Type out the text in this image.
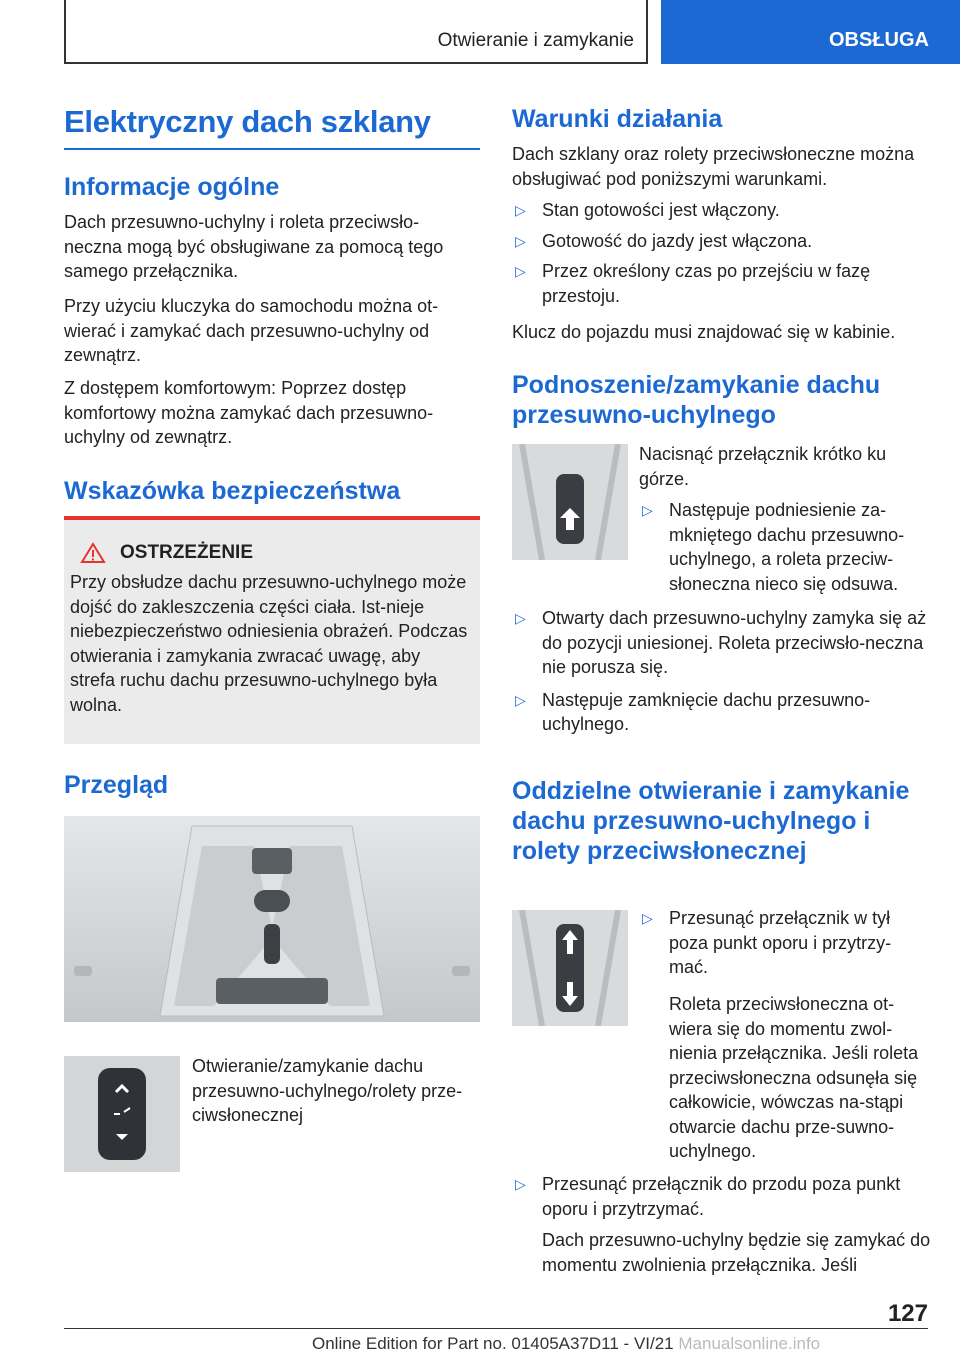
Otwieranie i zamykanie	OBSŁUGA
Elektryczny dach szklany
Informacje ogólne

Dach przesuwno-uchylny i roleta przeciwsło-neczna mogą być obsługiwane za pomocą tego samego przełącznika.

Przy użyciu kluczyka do samochodu można ot-wierać i zamykać dach przesuwno-uchylny od zewnątrz.

Z dostępem komfortowym: Poprzez dostęp komfortowy można zamykać dach przesuwno-uchylny od zewnątrz.

Wskazówka bezpieczeństwa
OSTRZEŻENIE

Przy obsłudze dachu przesuwno-uchylnego może dojść do zakleszczenia części ciała. Ist-nieje niebezpieczeństwo odniesienia obrażeń. Podczas otwierania i zamykania zwracać uwagę, aby strefa ruchu dachu przesuwno-uchylnego była wolna.

Przegląd

Otwieranie/zamykanie dachu przesuwno-uchylnego/rolety prze-ciwsłonecznej

Warunki działania

Dach szklany oraz rolety przeciwsłoneczne można obsługiwać pod poniższymi warunkami.

▷ Stan gotowości jest włączony.
▷ Gotowość do jazdy jest włączona.
▷ Przez określony czas po przejściu w fazę przestoju.

Klucz do pojazdu musi znajdować się w kabinie.

Podnoszenie/zamykanie dachu przesuwno-uchylnego

Nacisnąć przełącznik krótko ku górze.

▷ Następuje podniesienie za-mkniętego dachu przesuwno-uchylnego, a roleta przeciw-słoneczna nieco się odsuwa.
▷ Otwarty dach przesuwno-uchylny zamyka się aż do pozycji uniesionej. Roleta przeciwsło-neczna nie porusza się.
▷ Następuje zamknięcie dachu przesuwno-uchylnego.
Oddzielne otwieranie i zamykanie dachu przesuwno-uchylnego i rolety przeciwsłonecznej
▷ Przesunąć przełącznik w tył poza punkt oporu i przytrzy-mać.

Roleta przeciwsłoneczna ot-wiera się do momentu zwol-nienia przełącznika. Jeśli roleta przeciwsłoneczna odsunęła się całkowicie, wówczas na-stąpi otwarcie dachu prze-suwno-uchylnego.

▷ Przesunąć przełącznik do przodu poza punkt oporu i przytrzymać.

Dach przesuwno-uchylny będzie się zamykać do momentu zwolnienia przełącznika. Jeśli

127
Online Edition for Part no. 01405A37D11 - VI/21 Manualsonline.info
